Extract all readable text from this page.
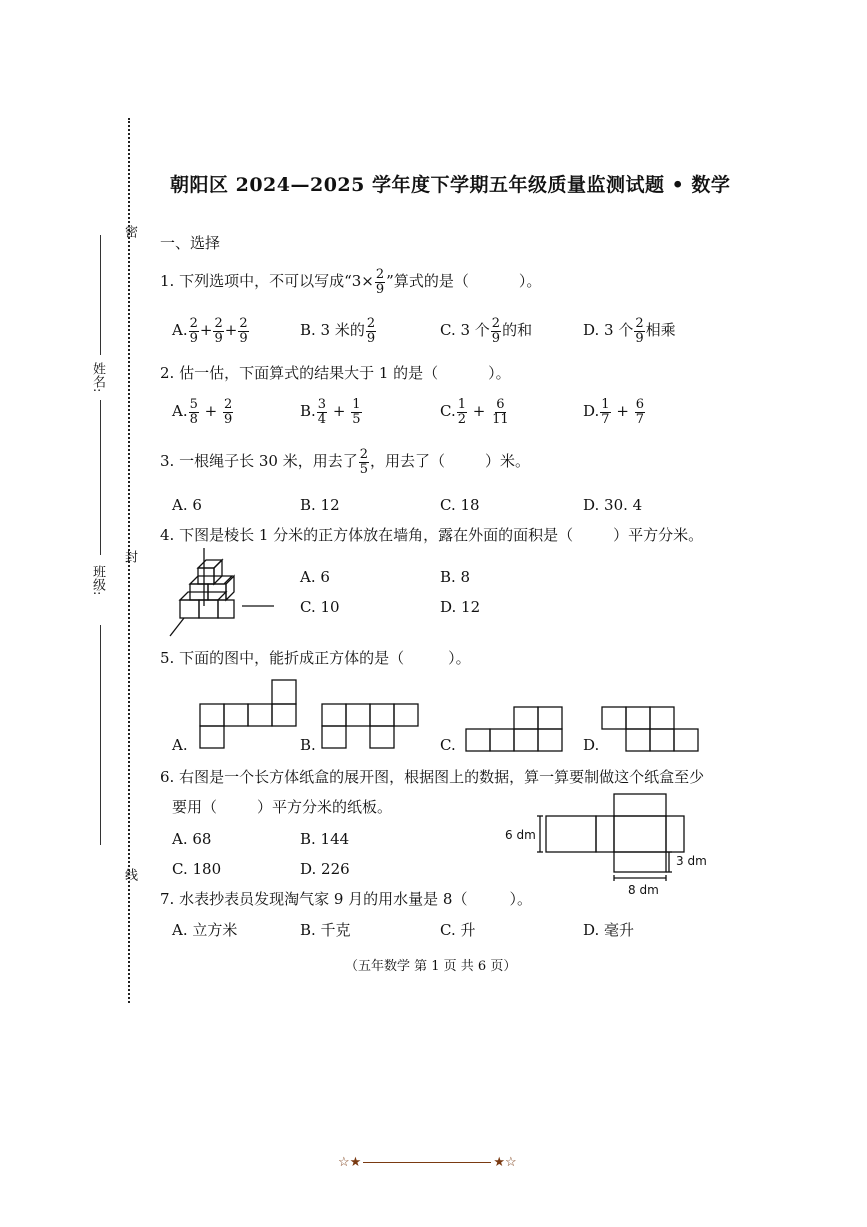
密
封
线
姓名:
班级:
朝阳区 2024—2025 学年度下学期五年级质量监测试题 • 数学
一、选择
1. 下列选项中，不可以写成“$3\times \frac{2}{9}$ ”算式的是（	）。
A. $\frac{2}{9} + \frac{2}{9} + \frac{2}{9}$	B. 3 米的 $\frac{2}{9}$	C. 3 个 $\frac{2}{9}$ 的和	D. 3 个 $\frac{2}{9}$ 相乘
2. 估一估，下面算式的结果大于 1 的是（	）。
A. $\frac{5}{8} + \frac{2}{9}$	B. $\frac{3}{4} + \frac{1}{5}$	C. $\frac{1}{2} + \frac{6}{11}$	D. $\frac{1}{7} + \frac{6}{7}$
3. 一根绳子长 30 米，用去了 $\frac{2}{5}$ ，用去了（	）米。
A. 6	B. 12	C. 18	D. 30. 4
4. 下图是棱长 1 分米的正方体放在墙角，露在外面的面积是（	）平方分米。
A. 6	B. 8
C. 10	D. 12
5. 下面的图中，能折成正方体的是（	）。
A.	B.	C.	D.
6. 右图是一个长方体纸盒的展开图，根据图上的数据，算一算要制做这个纸盒至少
要用（	）平方分米的纸板。
A. 68	B. 144
C. 180	D. 226
6 dm
3 dm
8 dm
7. 水表抄表员发现淘气家 9 月的用水量是 8（	）。
A. 立方米	B. 千克	C. 升	D. 毫升
（五年数学 第 1 页 共 6 页）
☆★	★☆
